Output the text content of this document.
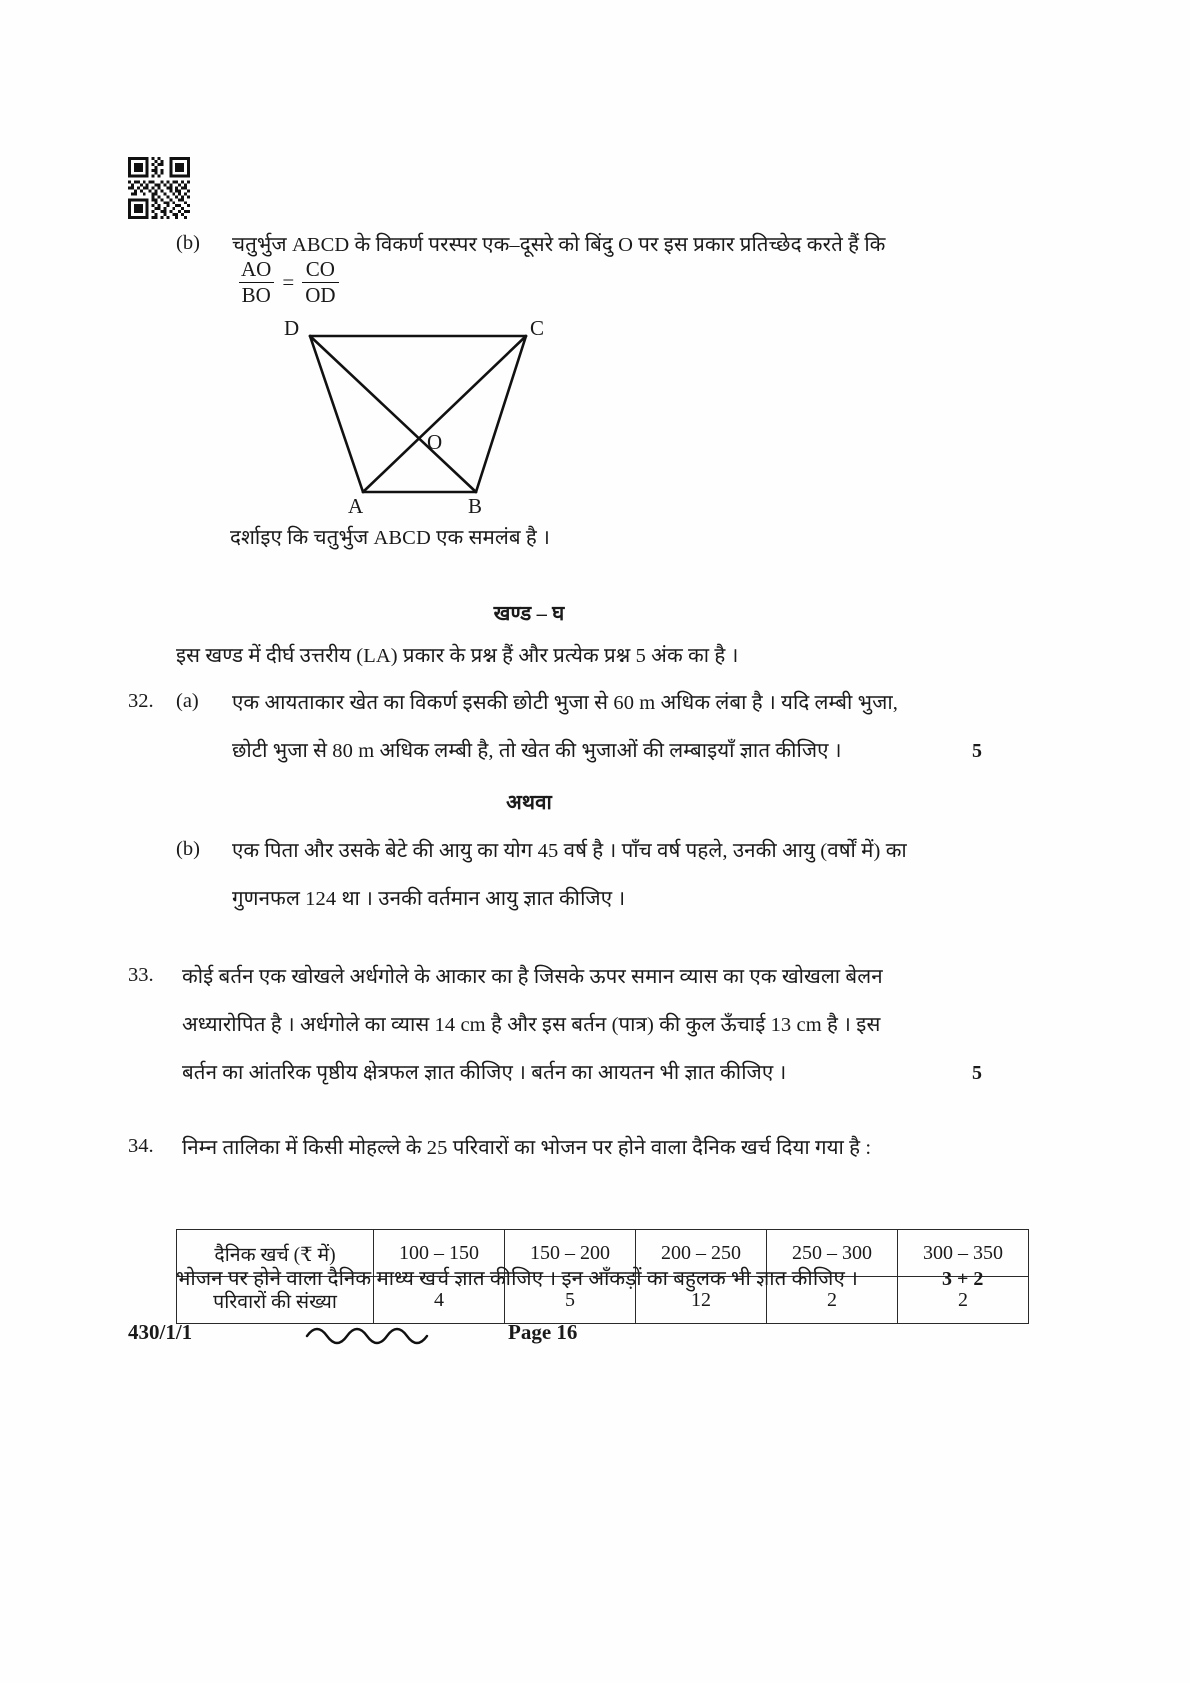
(b) चतुर्भुज ABCD के विकर्ण परस्पर एक–दूसरे को बिंदु O पर इस प्रकार प्रतिच्छेद करते हैं कि
$\frac{AO}{BO} = \frac{CO}{OD}$
D	C
O
A	B
दर्शाइए कि चतुर्भुज ABCD एक समलंब है ।
खण्ड – घ
इस खण्ड में दीर्घ उत्तरीय (LA) प्रकार के प्रश्न हैं और प्रत्येक प्रश्न 5 अंक का है ।
32. (a) एक आयताकार खेत का विकर्ण इसकी छोटी भुजा से 60 m अधिक लंबा है । यदि लम्बी भुजा,
छोटी भुजा से 80 m अधिक लम्बी है, तो खेत की भुजाओं की लम्बाइयाँ ज्ञात कीजिए ।	5
अथवा
(b) एक पिता और उसके बेटे की आयु का योग 45 वर्ष है । पाँच वर्ष पहले, उनकी आयु (वर्षों में) का
गुणनफल 124 था । उनकी वर्तमान आयु ज्ञात कीजिए ।
33. कोई बर्तन एक खोखले अर्धगोले के आकार का है जिसके ऊपर समान व्यास का एक खोखला बेलन
अध्यारोपित है । अर्धगोले का व्यास 14 cm है और इस बर्तन (पात्र) की कुल ऊँचाई 13 cm है । इस
बर्तन का आंतरिक पृष्ठीय क्षेत्रफल ज्ञात कीजिए । बर्तन का आयतन भी ज्ञात कीजिए ।	5
34. निम्न तालिका में किसी मोहल्ले के 25 परिवारों का भोजन पर होने वाला दैनिक खर्च दिया गया है :
दैनिक खर्च (₹ में)	100 – 150	150 – 200	200 – 250	250 – 300	300 – 350
परिवारों की संख्या	4	5	12	2	2
भोजन पर होने वाला दैनिक माध्य खर्च ज्ञात कीजिए । इन आँकड़ों का बहुलक भी ज्ञात कीजिए ।	3 + 2
430/1/1	Page 16
